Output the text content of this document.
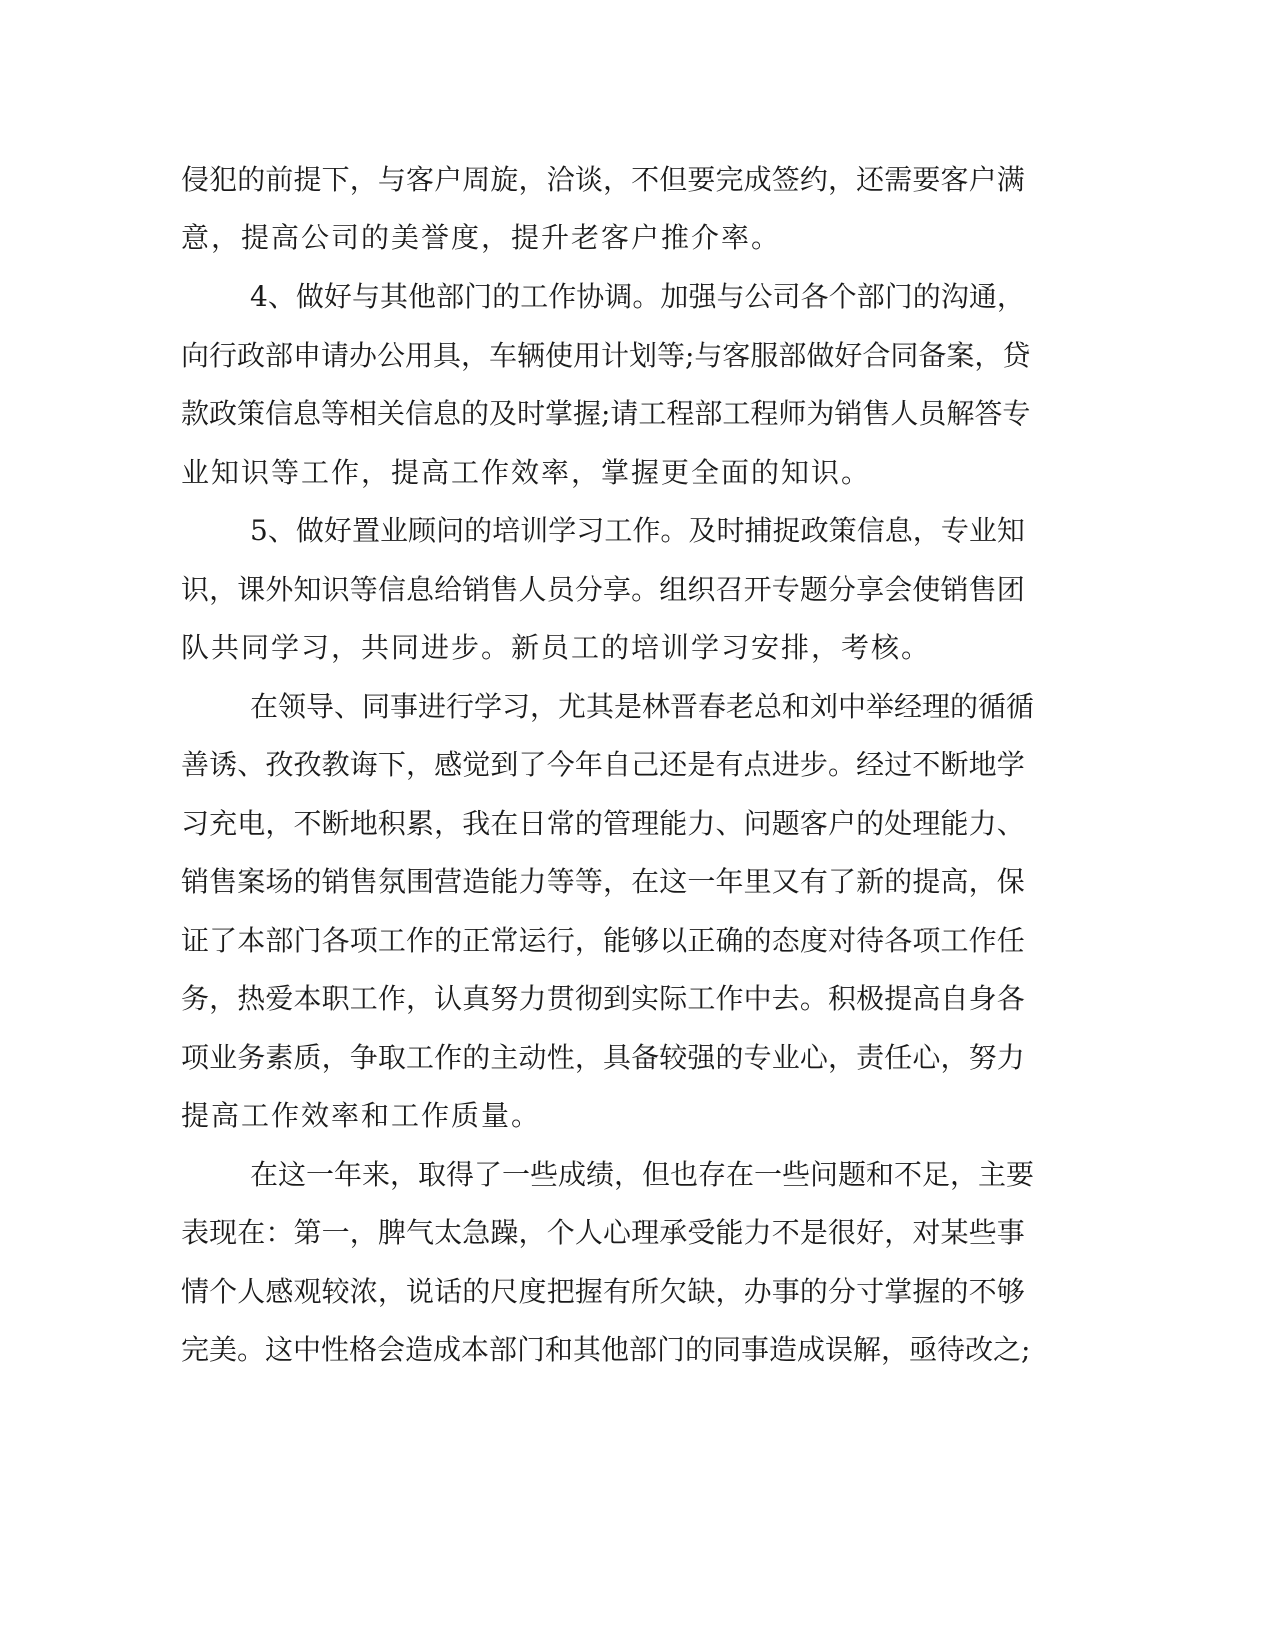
侵犯的前提下，与客户周旋，洽谈，不但要完成签约，还需要客户满
意，提高公司的美誉度，提升老客户推介率。
4、做好与其他部门的工作协调。加强与公司各个部门的沟通，
向行政部申请办公用具，车辆使用计划等;与客服部做好合同备案，贷
款政策信息等相关信息的及时掌握;请工程部工程师为销售人员解答专
业知识等工作，提高工作效率，掌握更全面的知识。
5、做好置业顾问的培训学习工作。及时捕捉政策信息，专业知
识，课外知识等信息给销售人员分享。组织召开专题分享会使销售团
队共同学习，共同进步。新员工的培训学习安排，考核。
在领导、同事进行学习，尤其是林晋春老总和刘中举经理的循循
善诱、孜孜教诲下，感觉到了今年自己还是有点进步。经过不断地学
习充电，不断地积累，我在日常的管理能力、问题客户的处理能力、
销售案场的销售氛围营造能力等等，在这一年里又有了新的提高，保
证了本部门各项工作的正常运行，能够以正确的态度对待各项工作任
务，热爱本职工作，认真努力贯彻到实际工作中去。积极提高自身各
项业务素质，争取工作的主动性，具备较强的专业心，责任心，努力
提高工作效率和工作质量。
在这一年来，取得了一些成绩，但也存在一些问题和不足，主要
表现在：第一，脾气太急躁，个人心理承受能力不是很好，对某些事
情个人感观较浓，说话的尺度把握有所欠缺，办事的分寸掌握的不够
完美。这中性格会造成本部门和其他部门的同事造成误解，亟待改之;
